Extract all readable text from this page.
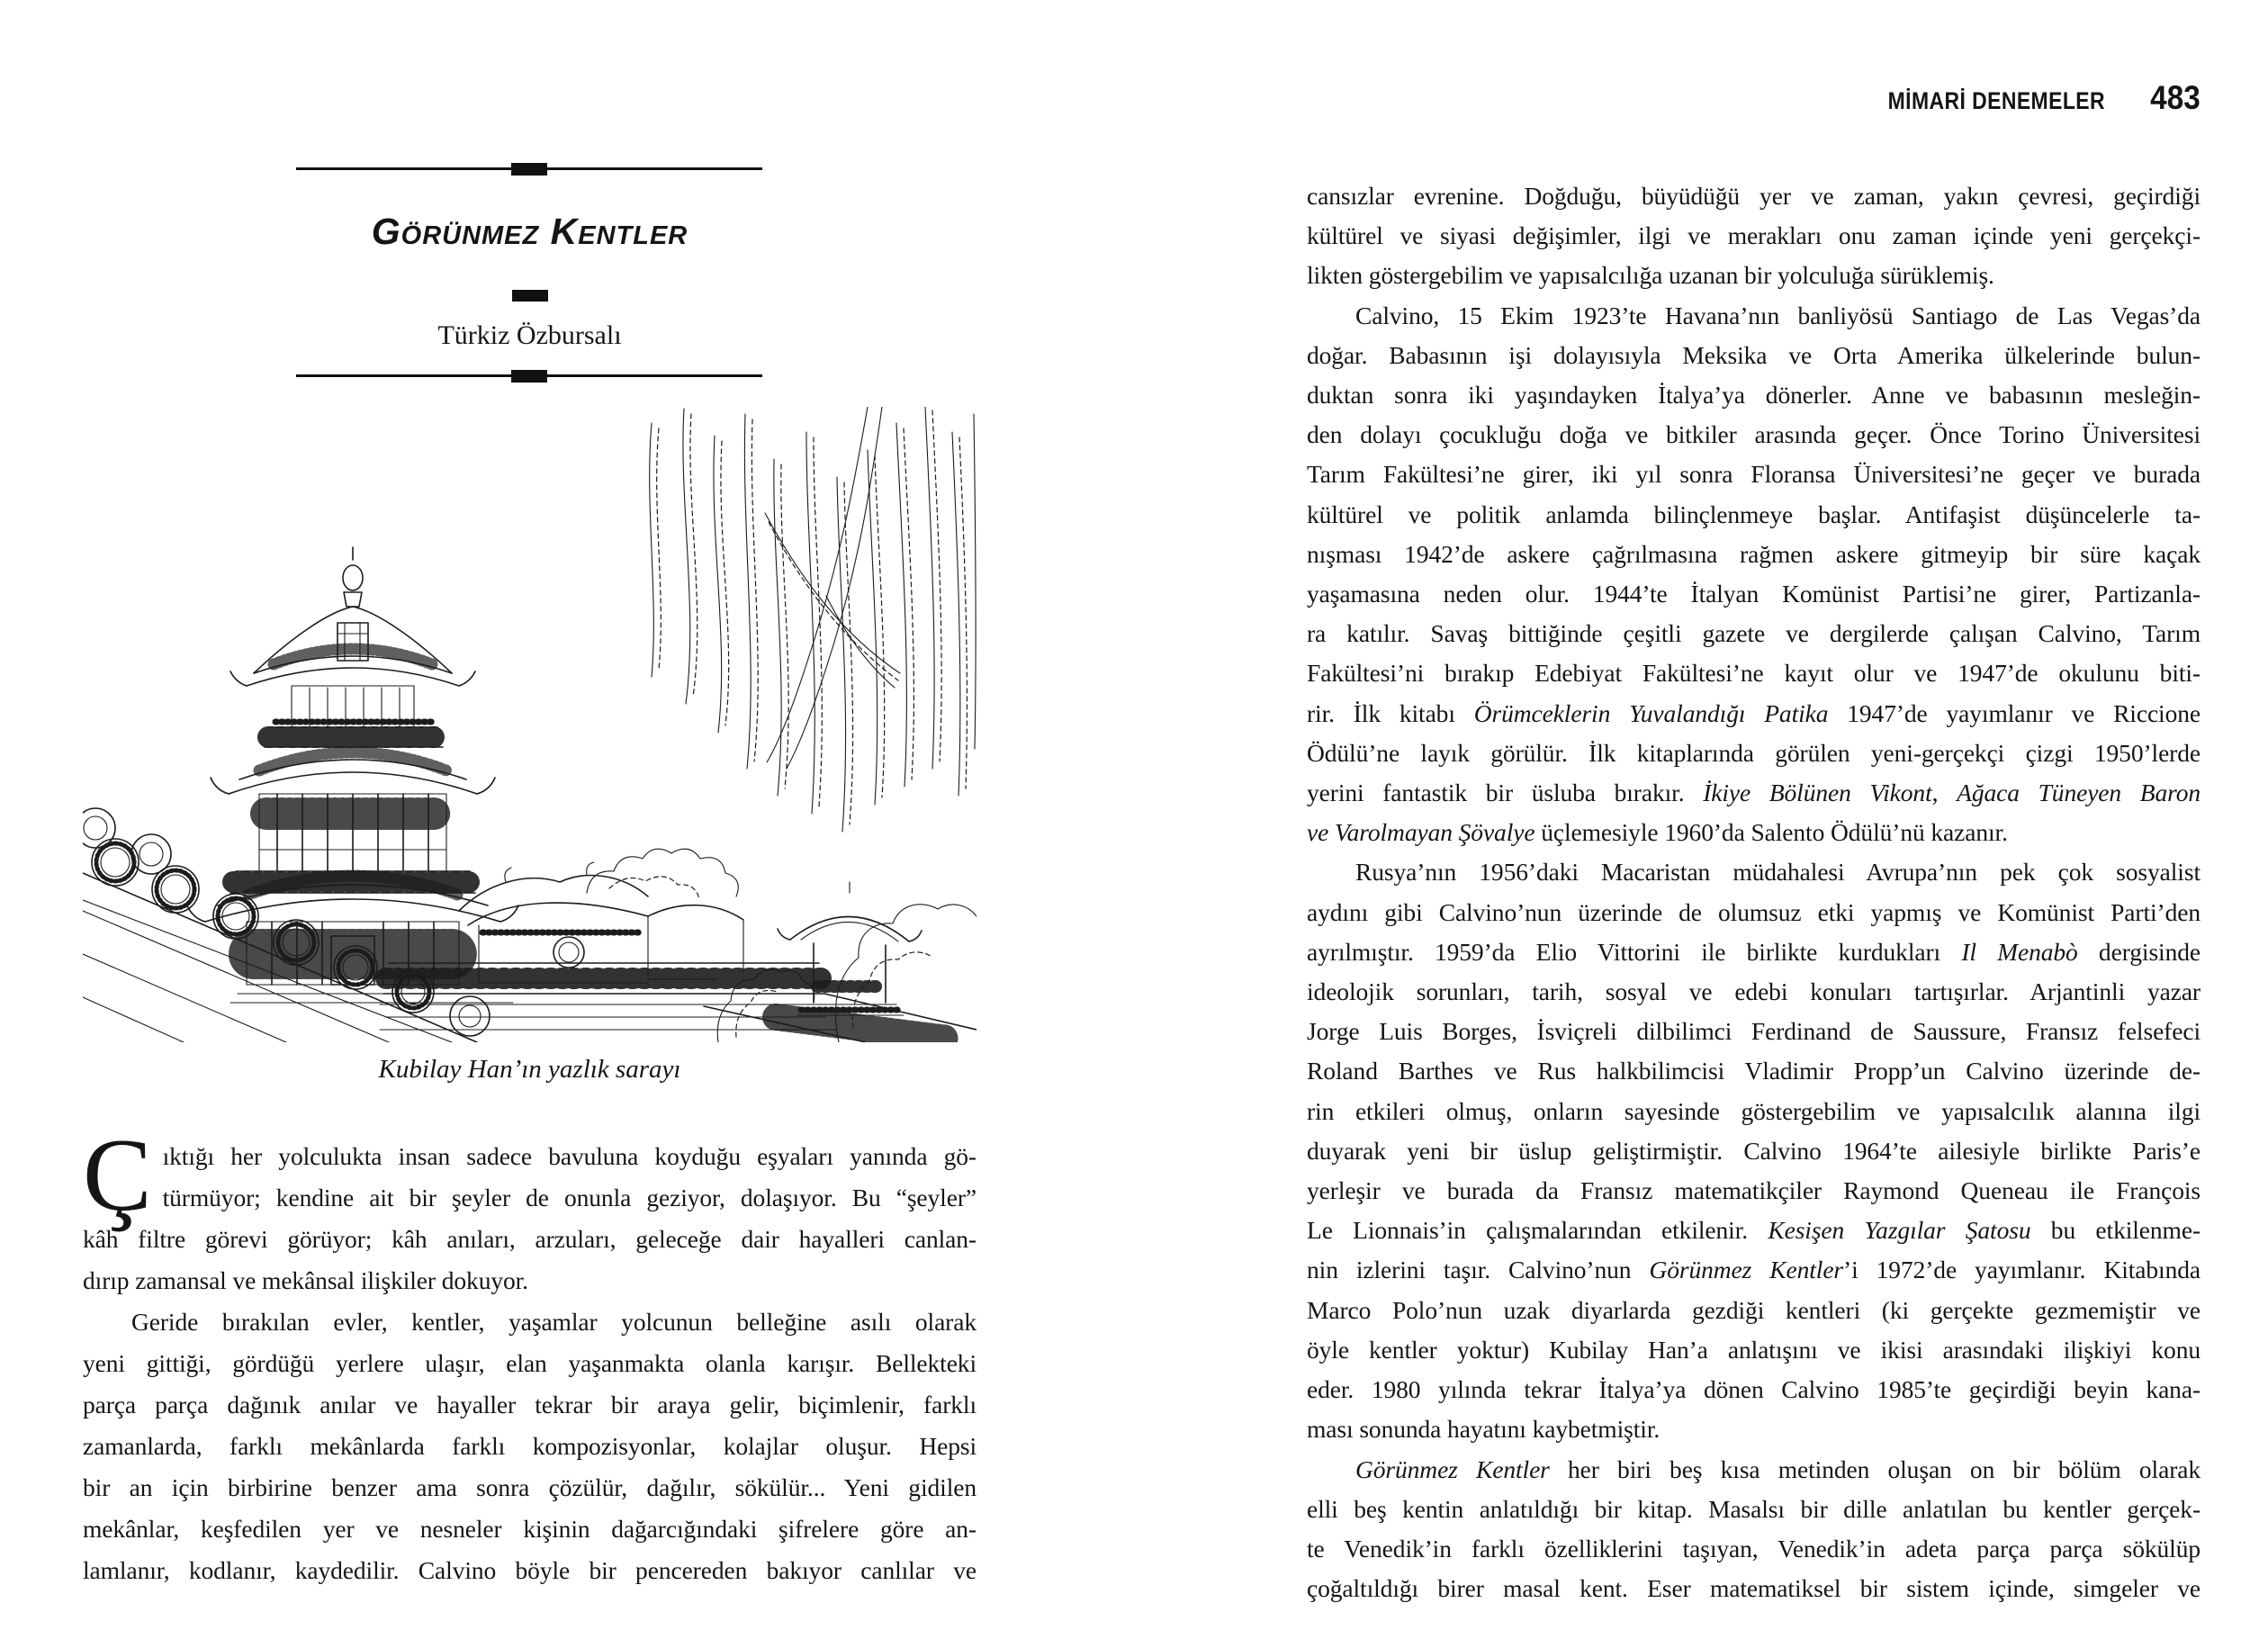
Görünmez Kentler
Türkiz Özbursalı
Kubilay Han’ın yazlık sarayı
Ç ıktığı her yolculukta insan sadece bavuluna koyduğu eşyaları yanında gö-
türmüyor; kendine ait bir şeyler de onunla geziyor, dolaşıyor. Bu “şeyler”
kâh filtre görevi görüyor; kâh anıları, arzuları, geleceğe dair hayalleri canlan-
dırıp zamansal ve mekânsal ilişkiler dokuyor.
Geride bırakılan evler, kentler, yaşamlar yolcunun belleğine asılı olarak
yeni gittiği, gördüğü yerlere ulaşır, elan yaşanmakta olanla karışır. Bellekteki
parça parça dağınık anılar ve hayaller tekrar bir araya gelir, biçimlenir, farklı
zamanlarda, farklı mekânlarda farklı kompozisyonlar, kolajlar oluşur. Hepsi
bir an için birbirine benzer ama sonra çözülür, dağılır, sökülür... Yeni gidilen
mekânlar, keşfedilen yer ve nesneler kişinin dağarcığındaki şifrelere göre an-
lamlanır, kodlanır, kaydedilir. Calvino böyle bir pencereden bakıyor canlılar ve
MİMARİ DENEMELER 483
cansızlar evrenine. Doğduğu, büyüdüğü yer ve zaman, yakın çevresi, geçirdiği
kültürel ve siyasi değişimler, ilgi ve merakları onu zaman içinde yeni gerçekçi-
likten göstergebilim ve yapısalcılığa uzanan bir yolculuğa sürüklemiş.
Calvino, 15 Ekim 1923’te Havana’nın banliyösü Santiago de Las Vegas’da
doğar. Babasının işi dolayısıyla Meksika ve Orta Amerika ülkelerinde bulun-
duktan sonra iki yaşındayken İtalya’ya dönerler. Anne ve babasının mesleğin-
den dolayı çocukluğu doğa ve bitkiler arasında geçer. Önce Torino Üniversitesi
Tarım Fakültesi’ne girer, iki yıl sonra Floransa Üniversitesi’ne geçer ve burada
kültürel ve politik anlamda bilinçlenmeye başlar. Antifaşist düşüncelerle ta-
nışması 1942’de askere çağrılmasına rağmen askere gitmeyip bir süre kaçak
yaşamasına neden olur. 1944’te İtalyan Komünist Partisi’ne girer, Partizanla-
ra katılır. Savaş bittiğinde çeşitli gazete ve dergilerde çalışan Calvino, Tarım
Fakültesi’ni bırakıp Edebiyat Fakültesi’ne kayıt olur ve 1947’de okulunu biti-
rir. İlk kitabı Örümceklerin Yuvalandığı Patika 1947’de yayımlanır ve Riccione
Ödülü’ne layık görülür. İlk kitaplarında görülen yeni-gerçekçi çizgi 1950’lerde
yerini fantastik bir üsluba bırakır. İkiye Bölünen Vikont, Ağaca Tüneyen Baron
ve Varolmayan Şövalye üçlemesiyle 1960’da Salento Ödülü’nü kazanır.
Rusya’nın 1956’daki Macaristan müdahalesi Avrupa’nın pek çok sosyalist
aydını gibi Calvino’nun üzerinde de olumsuz etki yapmış ve Komünist Parti’den
ayrılmıştır. 1959’da Elio Vittorini ile birlikte kurdukları Il Menabò dergisinde
ideolojik sorunları, tarih, sosyal ve edebi konuları tartışırlar. Arjantinli yazar
Jorge Luis Borges, İsviçreli dilbilimci Ferdinand de Saussure, Fransız felsefeci
Roland Barthes ve Rus halkbilimcisi Vladimir Propp’un Calvino üzerinde de-
rin etkileri olmuş, onların sayesinde göstergebilim ve yapısalcılık alanına ilgi
duyarak yeni bir üslup geliştirmiştir. Calvino 1964’te ailesiyle birlikte Paris’e
yerleşir ve burada da Fransız matematikçiler Raymond Queneau ile François
Le Lionnais’in çalışmalarından etkilenir. Kesişen Yazgılar Şatosu bu etkilenme-
nin izlerini taşır. Calvino’nun Görünmez Kentler’i 1972’de yayımlanır. Kitabında
Marco Polo’nun uzak diyarlarda gezdiği kentleri (ki gerçekte gezmemiştir ve
öyle kentler yoktur) Kubilay Han’a anlatışını ve ikisi arasındaki ilişkiyi konu
eder. 1980 yılında tekrar İtalya’ya dönen Calvino 1985’te geçirdiği beyin kana-
ması sonunda hayatını kaybetmiştir.
Görünmez Kentler her biri beş kısa metinden oluşan on bir bölüm olarak
elli beş kentin anlatıldığı bir kitap. Masalsı bir dille anlatılan bu kentler gerçek-
te Venedik’in farklı özelliklerini taşıyan, Venedik’in adeta parça parça sökülüp
çoğaltıldığı birer masal kent. Eser matematiksel bir sistem içinde, simgeler ve
